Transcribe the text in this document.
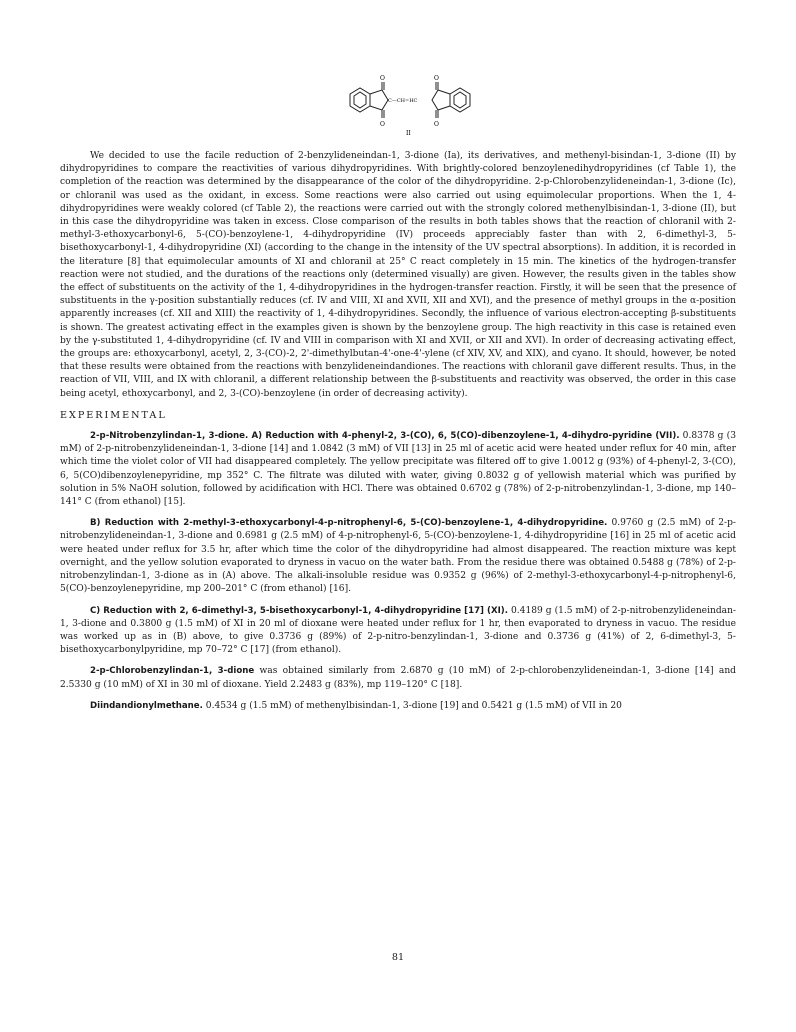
O
O
O
O
C—CH=HC
II

We decided to use the facile reduction of 2-benzylideneindan-1, 3-dione (Ia), its derivatives, and methenyl-bisindan-1, 3-dione (II) by dihydropyridines to compare the reactivities of various dihydropyridines. With brightly-colored benzoylenedihydropyridines (cf Table 1), the completion of the reaction was determined by the disappearance of the color of the dihydropyridine. 2-p-Chlorobenzylideneindan-1, 3-dione (Ic), or chloranil was used as the oxidant, in excess. Some reactions were also carried out using equimolecular proportions. When the 1, 4-dihydropyridines were weakly colored (cf Table 2), the reactions were carried out with the strongly colored methenylbisindan-1, 3-dione (II), but in this case the dihydropyridine was taken in excess. Close comparison of the results in both tables shows that the reaction of chloranil with 2-methyl-3-ethoxycarbonyl-6, 5-(CO)-benzoylene-1, 4-dihydropyridine (IV) proceeds appreciably faster than with 2, 6-dimethyl-3, 5-bisethoxycarbonyl-1, 4-dihydropyridine (XI) (according to the change in the intensity of the UV spectral absorptions). In addition, it is recorded in the literature [8] that equimolecular amounts of XI and chloranil at 25° C react completely in 15 min. The kinetics of the hydrogen-transfer reaction were not studied, and the durations of the reactions only (determined visually) are given. However, the results given in the tables show the effect of substituents on the activity of the 1, 4-dihydropyridines in the hydrogen-transfer reaction. Firstly, it will be seen that the presence of substituents in the γ-position substantially reduces (cf. IV and VIII, XI and XVII, XII and XVI), and the presence of methyl groups in the α-position apparently increases (cf. XII and XIII) the reactivity of 1, 4-dihydropyridines. Secondly, the influence of various electron-accepting β-substituents is shown. The greatest activating effect in the examples given is shown by the benzoylene group. The high reactivity in this case is retained even by the γ-substituted 1, 4-dihydropyridine (cf. IV and VIII in comparison with XI and XVII, or XII and XVI). In order of decreasing activating effect, the groups are: ethoxycarbonyl, acetyl, 2, 3-(CO)-2, 2'-dimethylbutan-4'-one-4'-ylene (cf XIV, XV, and XIX), and cyano. It should, however, be noted that these results were obtained from the reactions with benzylideneindandiones. The reactions with chloranil gave different results. Thus, in the reaction of VII, VIII, and IX with chloranil, a different relationship between the β-substituents and reactivity was observed, the order in this case being acetyl, ethoxycarbonyl, and 2, 3-(CO)-benzoylene (in order of decreasing activity).

EXPERIMENTAL

2-p-Nitrobenzylindan-1, 3-dione. A) Reduction with 4-phenyl-2, 3-(CO), 6, 5(CO)-dibenzoylene-1, 4-dihydro-pyridine (VII). 0.8378 g (3 mM) of 2-p-nitrobenzylideneindan-1, 3-dione [14] and 1.0842 (3 mM) of VII [13] in 25 ml of acetic acid were heated under reflux for 40 min, after which time the violet color of VII had disappeared completely. The yellow precipitate was filtered off to give 1.0012 g (93%) of 4-phenyl-2, 3-(CO), 6, 5(CO)dibenzoylenepyridine, mp 352° C. The filtrate was diluted with water, giving 0.8032 g of yellowish material which was purified by solution in 5% NaOH solution, followed by acidification with HCl. There was obtained 0.6702 g (78%) of 2-p-nitrobenzylindan-1, 3-dione, mp 140–141° C (from ethanol) [15].

B) Reduction with 2-methyl-3-ethoxycarbonyl-4-p-nitrophenyl-6, 5-(CO)-benzoylene-1, 4-dihydropyridine. 0.9760 g (2.5 mM) of 2-p-nitrobenzylideneindan-1, 3-dione and 0.6981 g (2.5 mM) of 4-p-nitrophenyl-6, 5-(CO)-benzoylene-1, 4-dihydropyridine [16] in 25 ml of acetic acid were heated under reflux for 3.5 hr, after which time the color of the dihydropyridine had almost disappeared. The reaction mixture was kept overnight, and the yellow solution evaporated to dryness in vacuo on the water bath. From the residue there was obtained 0.5488 g (78%) of 2-p-nitrobenzylindan-1, 3-dione as in (A) above. The alkali-insoluble residue was 0.9352 g (96%) of 2-methyl-3-ethoxycarbonyl-4-p-nitrophenyl-6, 5(CO)-benzoylenepyridine, mp 200–201° C (from ethanol) [16].

C) Reduction with 2, 6-dimethyl-3, 5-bisethoxycarbonyl-1, 4-dihydropyridine [17] (XI). 0.4189 g (1.5 mM) of 2-p-nitrobenzylideneindan-1, 3-dione and 0.3800 g (1.5 mM) of XI in 20 ml of dioxane were heated under reflux for 1 hr, then evaporated to dryness in vacuo. The residue was worked up as in (B) above, to give 0.3736 g (89%) of 2-p-nitro-benzylindan-1, 3-dione and 0.3736 g (41%) of 2, 6-dimethyl-3, 5-bisethoxycarbonylpyridine, mp 70–72° C [17] (from ethanol).

2-p-Chlorobenzylindan-1, 3-dione was obtained similarly from 2.6870 g (10 mM) of 2-p-chlorobenzylideneindan-1, 3-dione [14] and 2.5330 g (10 mM) of XI in 30 ml of dioxane. Yield 2.2483 g (83%), mp 119–120° C [18].

Diindandionylmethane. 0.4534 g (1.5 mM) of methenylbisindan-1, 3-dione [19] and 0.5421 g (1.5 mM) of VII in 20

81
